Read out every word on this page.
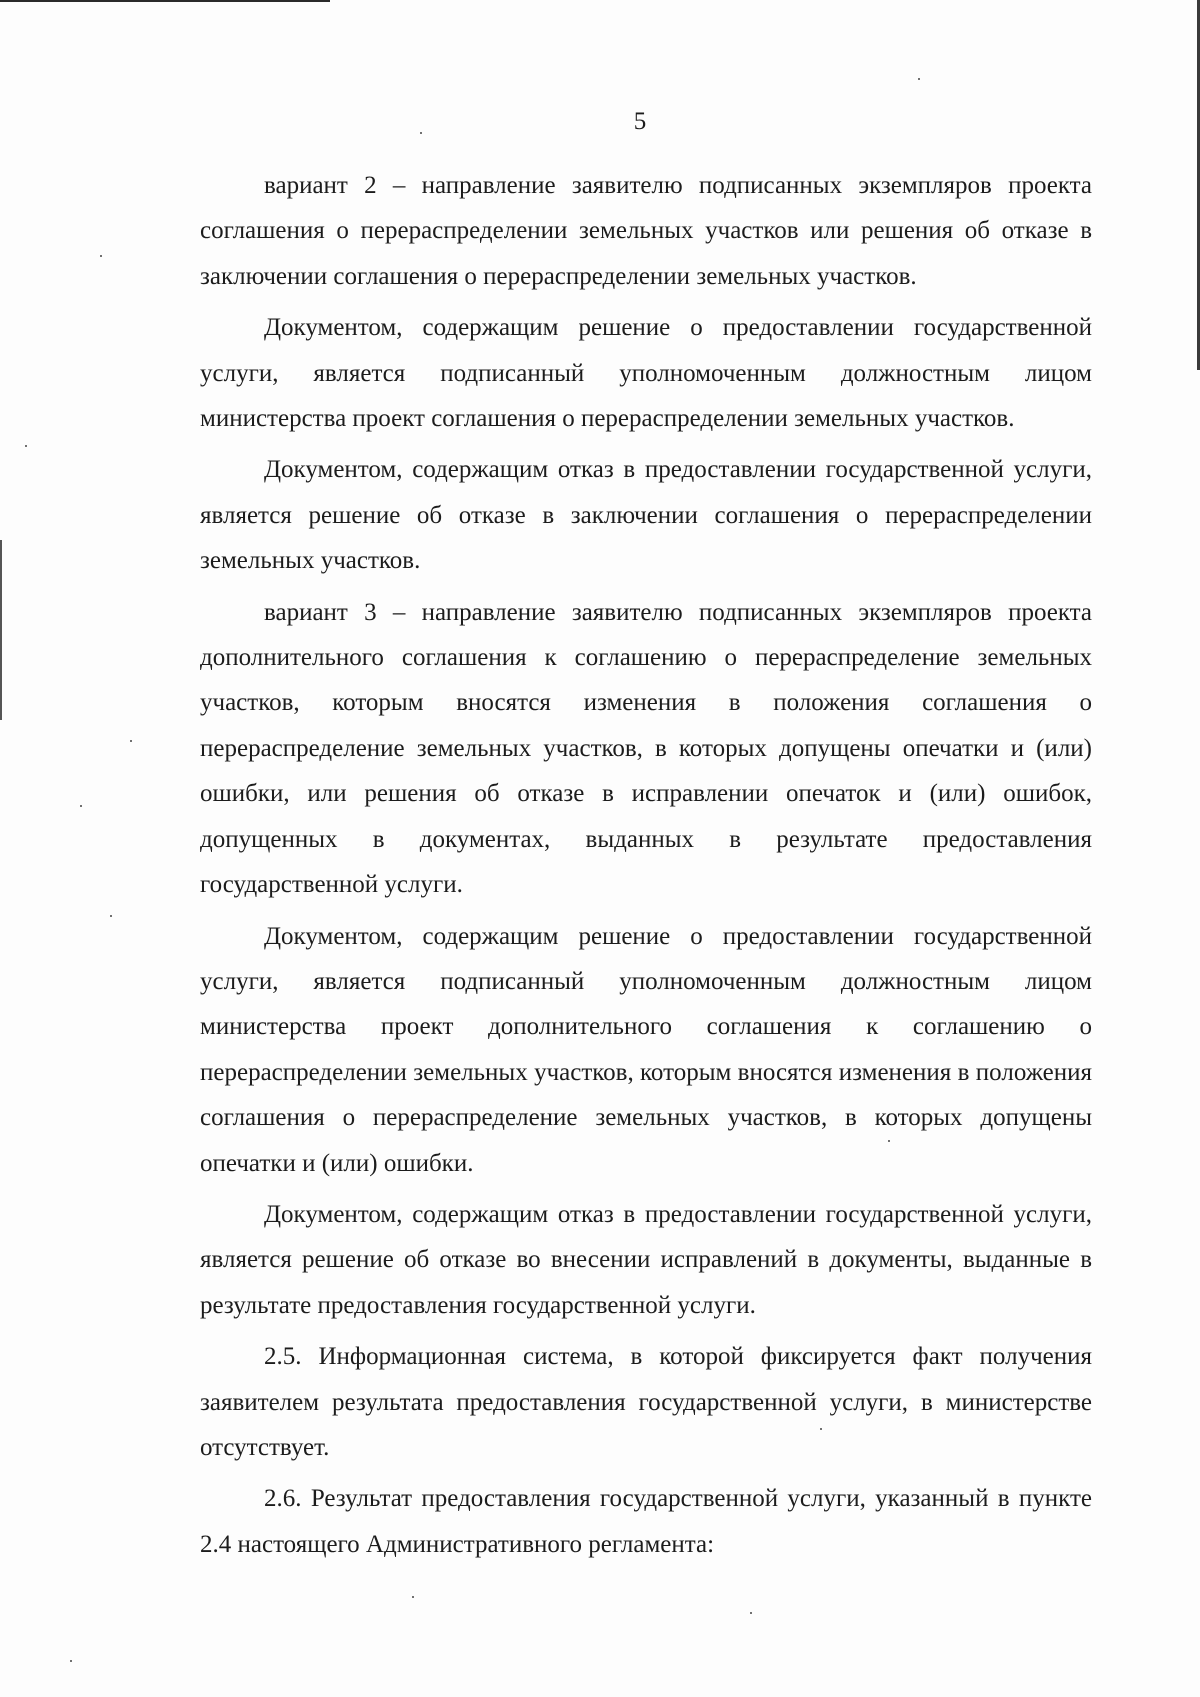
5

вариант 2 – направление заявителю подписанных экземпляров проекта соглашения о перераспределении земельных участков или решения об отказе в заключении соглашения о перераспределении земельных участков.

Документом, содержащим решение о предоставлении государственной услуги, является подписанный уполномоченным должностным лицом министерства проект соглашения о перераспределении земельных участков.

Документом, содержащим отказ в предоставлении государственной услуги, является решение об отказе в заключении соглашения о перераспределении земельных участков.

вариант 3 – направление заявителю подписанных экземпляров проекта дополнительного соглашения к соглашению о перераспределение земельных участков, которым вносятся изменения в положения соглашения о перераспределение земельных участков, в которых допущены опечатки и (или) ошибки, или решения об отказе в исправлении опечаток и (или) ошибок, допущенных в документах, выданных в результате предоставления государственной услуги.

Документом, содержащим решение о предоставлении государственной услуги, является подписанный уполномоченным должностным лицом министерства проект дополнительного соглашения к соглашению о перераспределении земельных участков, которым вносятся изменения в положения соглашения о перераспределение земельных участков, в которых допущены опечатки и (или) ошибки.

Документом, содержащим отказ в предоставлении государственной услуги, является решение об отказе во внесении исправлений в документы, выданные в результате предоставления государственной услуги.

2.5. Информационная система, в которой фиксируется факт получения заявителем результата предоставления государственной услуги, в министерстве отсутствует.

2.6. Результат предоставления государственной услуги, указанный в пункте 2.4 настоящего Административного регламента:
